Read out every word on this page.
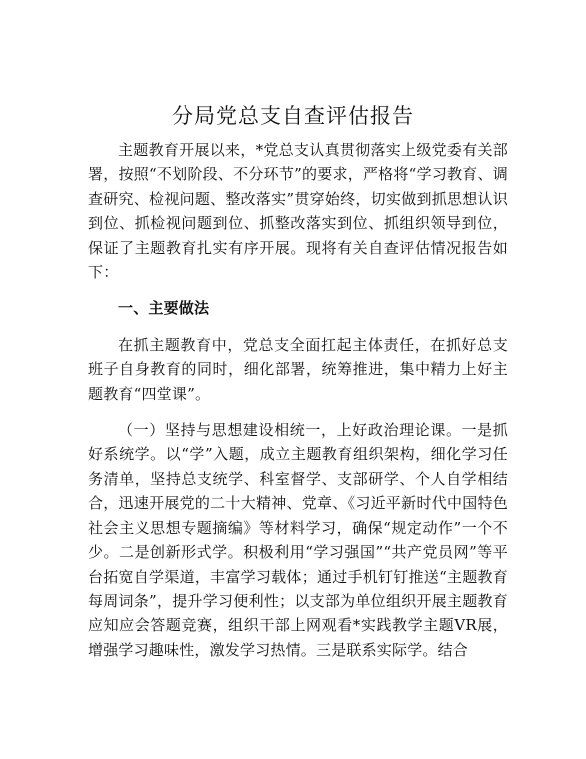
分局党总支自查评估报告

主题教育开展以来，*党总支认真贯彻落实上级党委有关部署，按照“不划阶段、不分环节”的要求，严格将“学习教育、调查研究、检视问题、整改落实”贯穿始终，切实做到抓思想认识到位、抓检视问题到位、抓整改落实到位、抓组织领导到位，保证了主题教育扎实有序开展。现将有关自查评估情况报告如下：

一、主要做法

在抓主题教育中，党总支全面扛起主体责任，在抓好总支班子自身教育的同时，细化部署，统筹推进，集中精力上好主题教育“四堂课”。

（一）坚持与思想建设相统一，上好政治理论课。一是抓好系统学。以“学”入题，成立主题教育组织架构，细化学习任务清单，坚持总支统学、科室督学、支部研学、个人自学相结合，迅速开展党的二十大精神、党章、《习近平新时代中国特色社会主义思想专题摘编》等材料学习，确保“规定动作”一个不少。二是创新形式学。积极利用“学习强国”“共产党员网”等平台拓宽自学渠道，丰富学习载体；通过手机钉钉推送“主题教育每周词条”，提升学习便利性；以支部为单位组织开展主题教育应知应会答题竞赛，组织干部上网观看*实践教学主题VR展，增强学习趣味性，激发学习热情。三是联系实际学。结合
